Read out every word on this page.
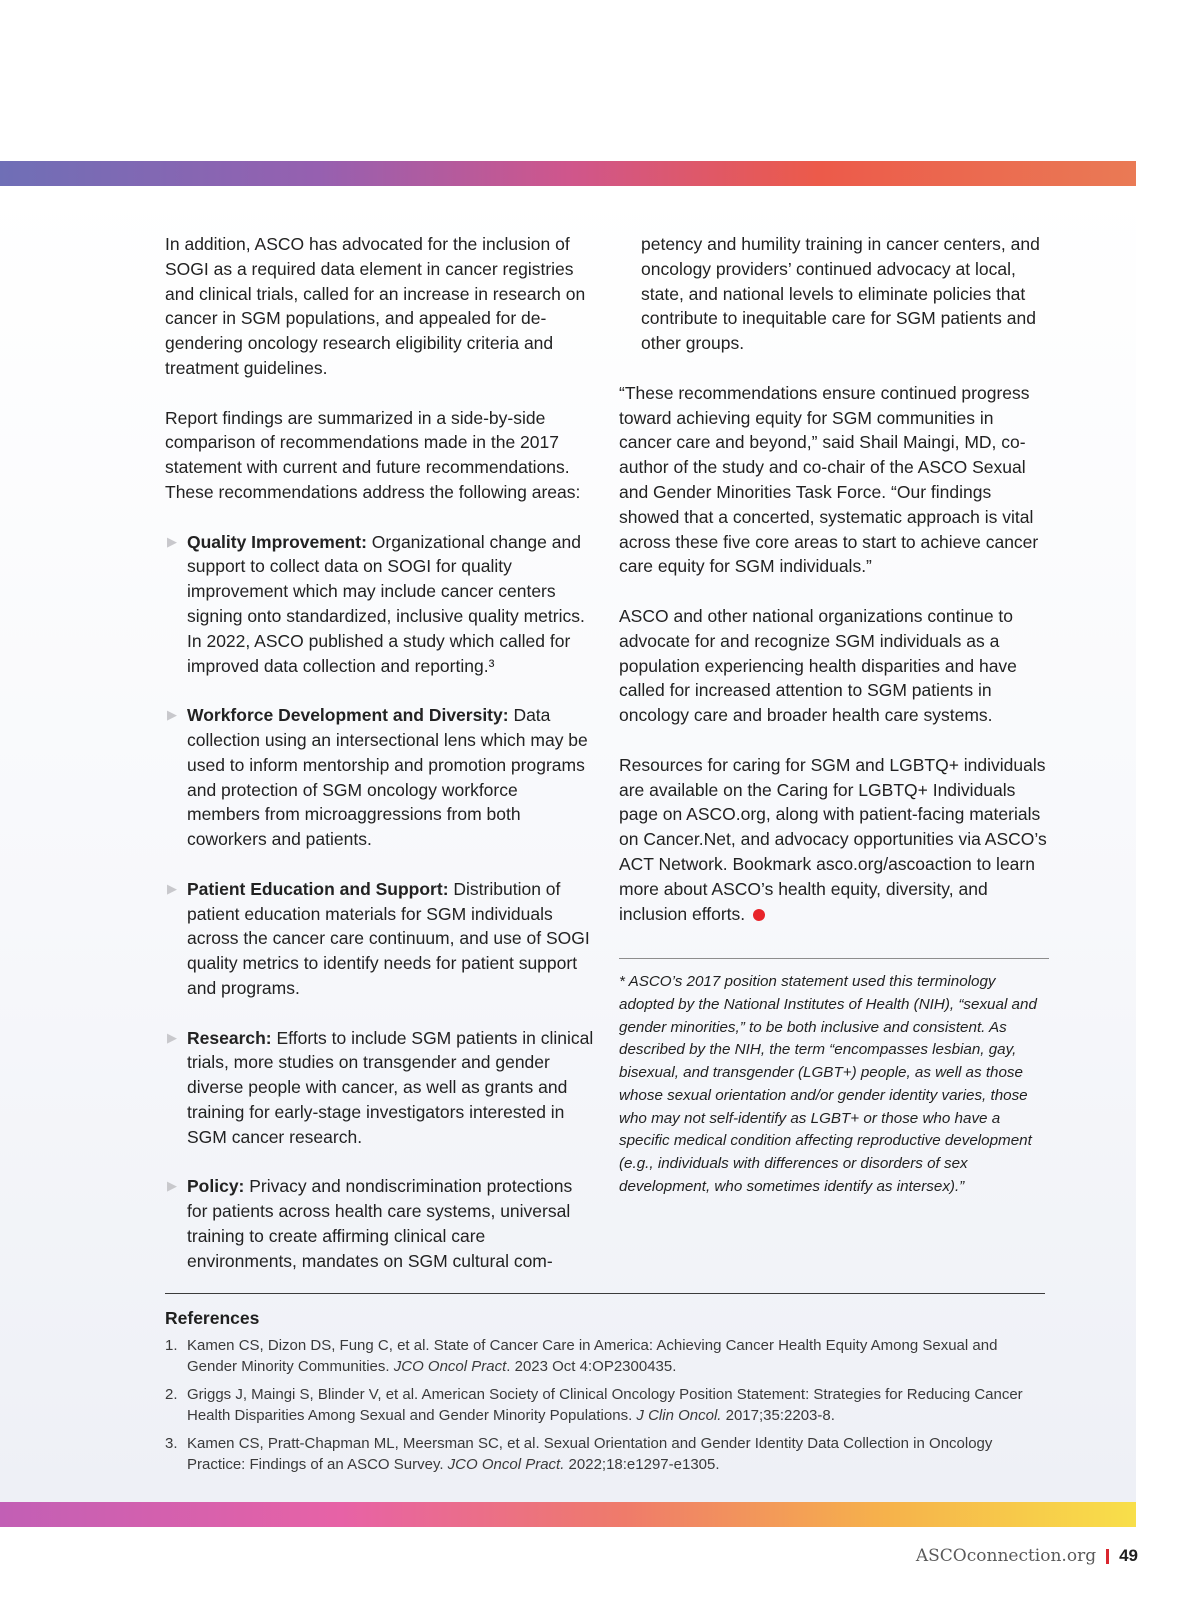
In addition, ASCO has advocated for the inclusion of SOGI as a required data element in cancer registries and clinical trials, called for an increase in research on cancer in SGM populations, and appealed for de-gendering oncology research eligibility criteria and treatment guidelines.

Report findings are summarized in a side-by-side comparison of recommendations made in the 2017 statement with current and future recommendations. These recommendations address the following areas:

▶ Quality Improvement: Organizational change and support to collect data on SOGI for quality improvement which may include cancer centers signing onto standardized, inclusive quality metrics. In 2022, ASCO published a study which called for improved data collection and reporting.³
▶ Workforce Development and Diversity: Data collection using an intersectional lens which may be used to inform mentorship and promotion programs and protection of SGM oncology workforce members from microaggressions from both coworkers and patients.
▶ Patient Education and Support: Distribution of patient education materials for SGM individuals across the cancer care continuum, and use of SOGI quality metrics to identify needs for patient support and programs.
▶ Research: Efforts to include SGM patients in clinical trials, more studies on transgender and gender diverse people with cancer, as well as grants and training for early-stage investigators interested in SGM cancer research.
▶ Policy: Privacy and nondiscrimination protections for patients across health care systems, universal training to create affirming clinical care environments, mandates on SGM cultural com-

petency and humility training in cancer centers, and oncology providers’ continued advocacy at local, state, and national levels to eliminate policies that contribute to inequitable care for SGM patients and other groups.

“These recommendations ensure continued progress toward achieving equity for SGM communities in cancer care and beyond,” said Shail Maingi, MD, co-author of the study and co-chair of the ASCO Sexual and Gender Minorities Task Force. “Our findings showed that a concerted, systematic approach is vital across these five core areas to start to achieve cancer care equity for SGM individuals.”

ASCO and other national organizations continue to advocate for and recognize SGM individuals as a population experiencing health disparities and have called for increased attention to SGM patients in oncology care and broader health care systems.

Resources for caring for SGM and LGBTQ+ individuals are available on the Caring for LGBTQ+ Individuals page on ASCO.org, along with patient-facing materials on Cancer.Net, and advocacy opportunities via ASCO’s ACT Network. Bookmark asco.org/ascoaction to learn more about ASCO’s health equity, diversity, and inclusion efforts.

* ASCO’s 2017 position statement used this terminology adopted by the National Institutes of Health (NIH), “sexual and gender minorities,” to be both inclusive and consistent. As described by the NIH, the term “encompasses lesbian, gay, bisexual, and transgender (LGBT+) people, as well as those whose sexual orientation and/or gender identity varies, those who may not self-identify as LGBT+ or those who have a specific medical condition affecting reproductive development (e.g., individuals with differences or disorders of sex development, who sometimes identify as intersex).”
References
1. Kamen CS, Dizon DS, Fung C, et al. State of Cancer Care in America: Achieving Cancer Health Equity Among Sexual and Gender Minority Communities. JCO Oncol Pract. 2023 Oct 4:OP2300435.
2. Griggs J, Maingi S, Blinder V, et al. American Society of Clinical Oncology Position Statement: Strategies for Reducing Cancer Health Disparities Among Sexual and Gender Minority Populations. J Clin Oncol. 2017;35:2203-8.
3. Kamen CS, Pratt-Chapman ML, Meersman SC, et al. Sexual Orientation and Gender Identity Data Collection in Oncology Practice: Findings of an ASCO Survey. JCO Oncol Pract. 2022;18:e1297-e1305.
ASCOconnection.org 49
